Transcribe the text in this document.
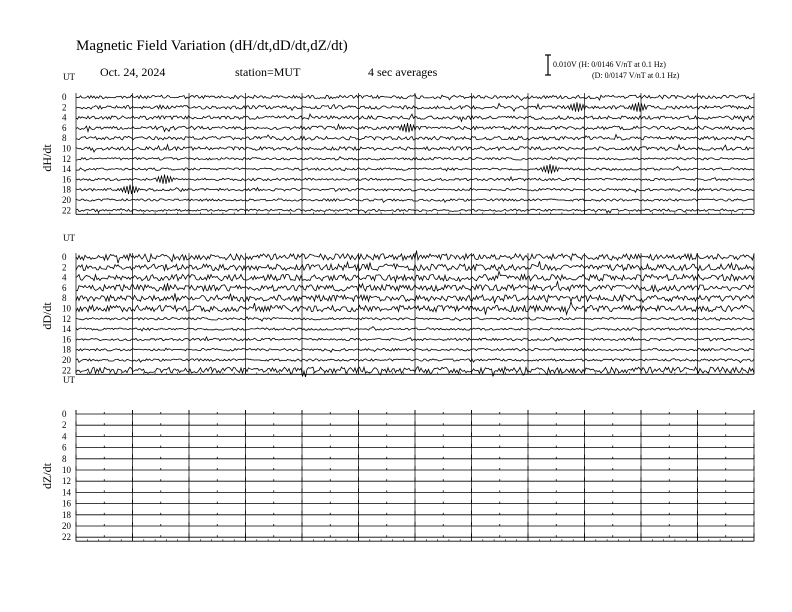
Magnetic Field Variation (dH/dt,dD/dt,dZ/dt)
Oct. 24, 2024	station=MUT	4 sec averages
0.010V (H: 0/0146 V/nT at 0.1 Hz)
(D: 0/0147 V/nT at 0.1 Hz)
UT
dH/dt
0
2
4
6
8
10
12
14
16
18
20
22
UT
dD/dt
0
2
4
6
8
10
12
14
16
18
20
22
UT
dZ/dt
0
2
4
6
8
10
12
14
16
18
20
22
